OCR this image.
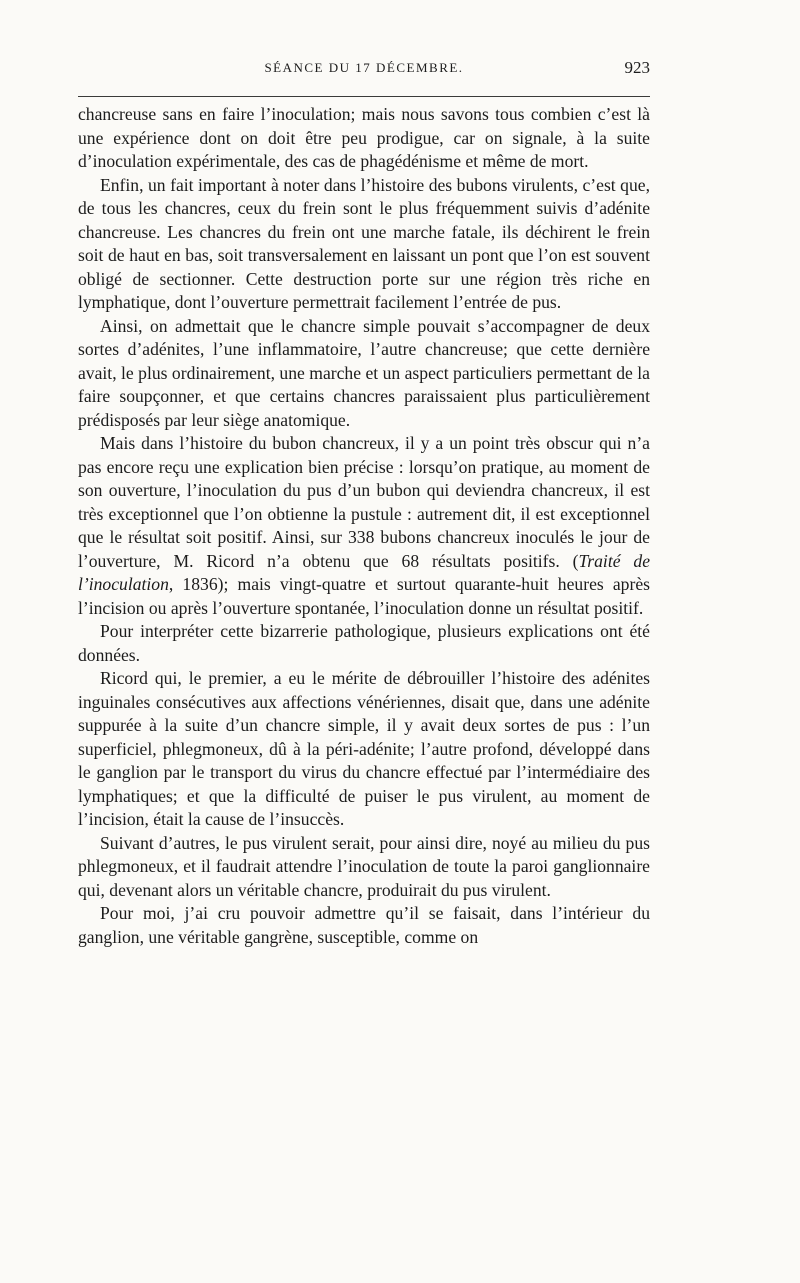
SÉANCE DU 17 DÉCEMBRE.	923

chancreuse sans en faire l’inoculation; mais nous savons tous combien c’est là une expérience dont on doit être peu prodigue, car on signale, à la suite d’inoculation expérimentale, des cas de phagédénisme et même de mort.

Enfin, un fait important à noter dans l’histoire des bubons virulents, c’est que, de tous les chancres, ceux du frein sont le plus fréquemment suivis d’adénite chancreuse. Les chancres du frein ont une marche fatale, ils déchirent le frein soit de haut en bas, soit transversalement en laissant un pont que l’on est souvent obligé de sectionner. Cette destruction porte sur une région très riche en lymphatique, dont l’ouverture permettrait facilement l’entrée de pus.

Ainsi, on admettait que le chancre simple pouvait s’accompagner de deux sortes d’adénites, l’une inflammatoire, l’autre chancreuse; que cette dernière avait, le plus ordinairement, une marche et un aspect particuliers permettant de la faire soupçonner, et que certains chancres paraissaient plus particulièrement prédisposés par leur siège anatomique.

Mais dans l’histoire du bubon chancreux, il y a un point très obscur qui n’a pas encore reçu une explication bien précise : lorsqu’on pratique, au moment de son ouverture, l’inoculation du pus d’un bubon qui deviendra chancreux, il est très exceptionnel que l’on obtienne la pustule : autrement dit, il est exceptionnel que le résultat soit positif. Ainsi, sur 338 bubons chancreux inoculés le jour de l’ouverture, M. Ricord n’a obtenu que 68 résultats positifs. (Traité de l’inoculation, 1836); mais vingt-quatre et surtout quarante-huit heures après l’incision ou après l’ouverture spontanée, l’inoculation donne un résultat positif.

Pour interpréter cette bizarrerie pathologique, plusieurs explications ont été données.

Ricord qui, le premier, a eu le mérite de débrouiller l’histoire des adénites inguinales consécutives aux affections vénériennes, disait que, dans une adénite suppurée à la suite d’un chancre simple, il y avait deux sortes de pus : l’un superficiel, phlegmoneux, dû à la péri-adénite; l’autre profond, développé dans le ganglion par le transport du virus du chancre effectué par l’intermédiaire des lymphatiques; et que la difficulté de puiser le pus virulent, au moment de l’incision, était la cause de l’insuccès.

Suivant d’autres, le pus virulent serait, pour ainsi dire, noyé au milieu du pus phlegmoneux, et il faudrait attendre l’inoculation de toute la paroi ganglionnaire qui, devenant alors un véritable chancre, produirait du pus virulent.

Pour moi, j’ai cru pouvoir admettre qu’il se faisait, dans l’intérieur du ganglion, une véritable gangrène, susceptible, comme on
